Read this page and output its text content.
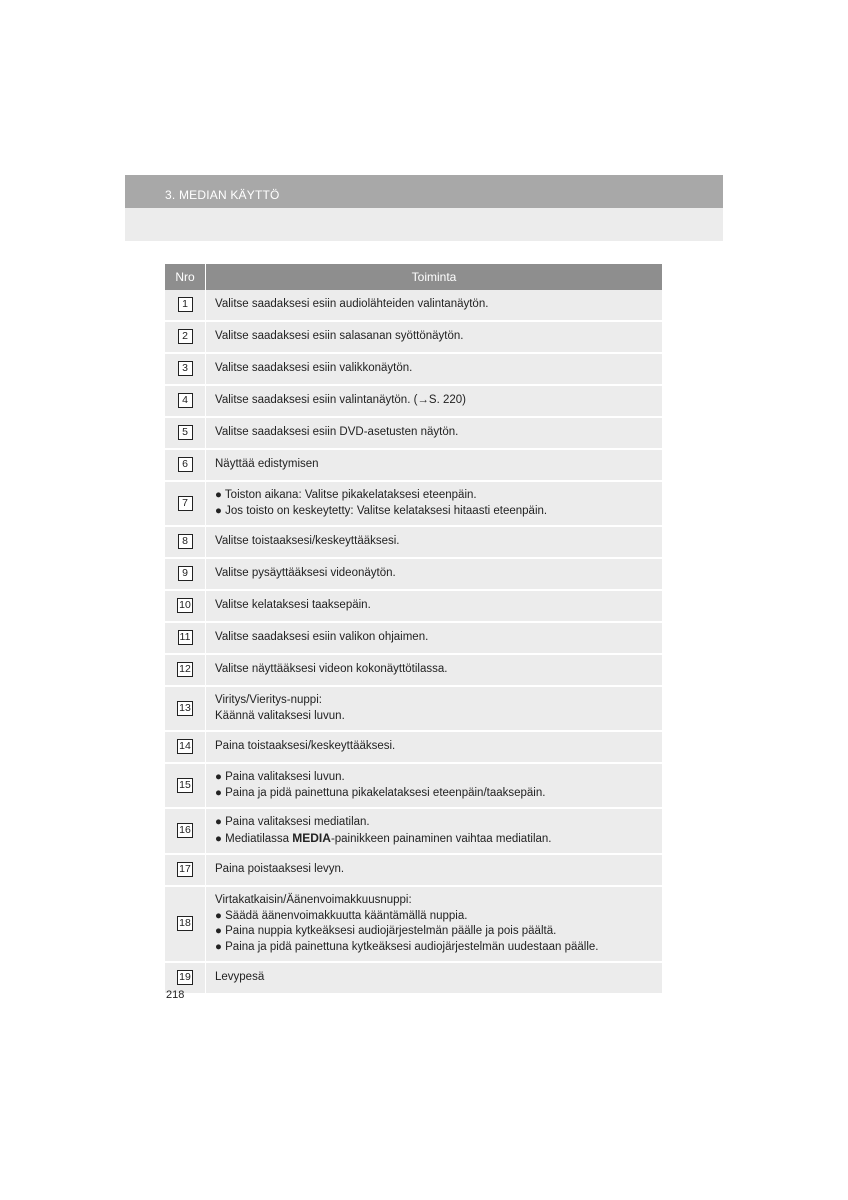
3. MEDIAN KÄYTTÖ
Nro	Toiminta
1	Valitse saadaksesi esiin audiolähteiden valintanäytön.

2	Valitse saadaksesi esiin salasanan syöttönäytön.

3	Valitse saadaksesi esiin valikkonäytön.

4	Valitse saadaksesi esiin valintanäytön. (→S. 220)

5	Valitse saadaksesi esiin DVD-asetusten näytön.

6	Näyttää edistymisen

7	● Toiston aikana: Valitse pikakelataksesi eteenpäin.
● Jos toisto on keskeytetty: Valitse kelataksesi hitaasti eteenpäin.

8	Valitse toistaaksesi/keskeyttääksesi.

9	Valitse pysäyttääksesi videonäytön.

10	Valitse kelataksesi taaksepäin.

11	Valitse saadaksesi esiin valikon ohjaimen.

12	Valitse näyttääksesi videon kokonäyttötilassa.

13	Viritys/Vieritys-nuppi:
Käännä valitaksesi luvun.

14	Paina toistaaksesi/keskeyttääksesi.

15	● Paina valitaksesi luvun.
● Paina ja pidä painettuna pikakelataksesi eteenpäin/taaksepäin.

16	● Paina valitaksesi mediatilan.
● Mediatilassa MEDIA-painikkeen painaminen vaihtaa mediatilan.

17	Paina poistaaksesi levyn.

18	Virtakatkaisin/Äänenvoimakkuusnuppi:
● Säädä äänenvoimakkuutta kääntämällä nuppia.
● Paina nuppia kytkeäksesi audiojärjestelmän päälle ja pois päältä.
● Paina ja pidä painettuna kytkeäksesi audiojärjestelmän uudestaan päälle.

19	Levypesä
218
